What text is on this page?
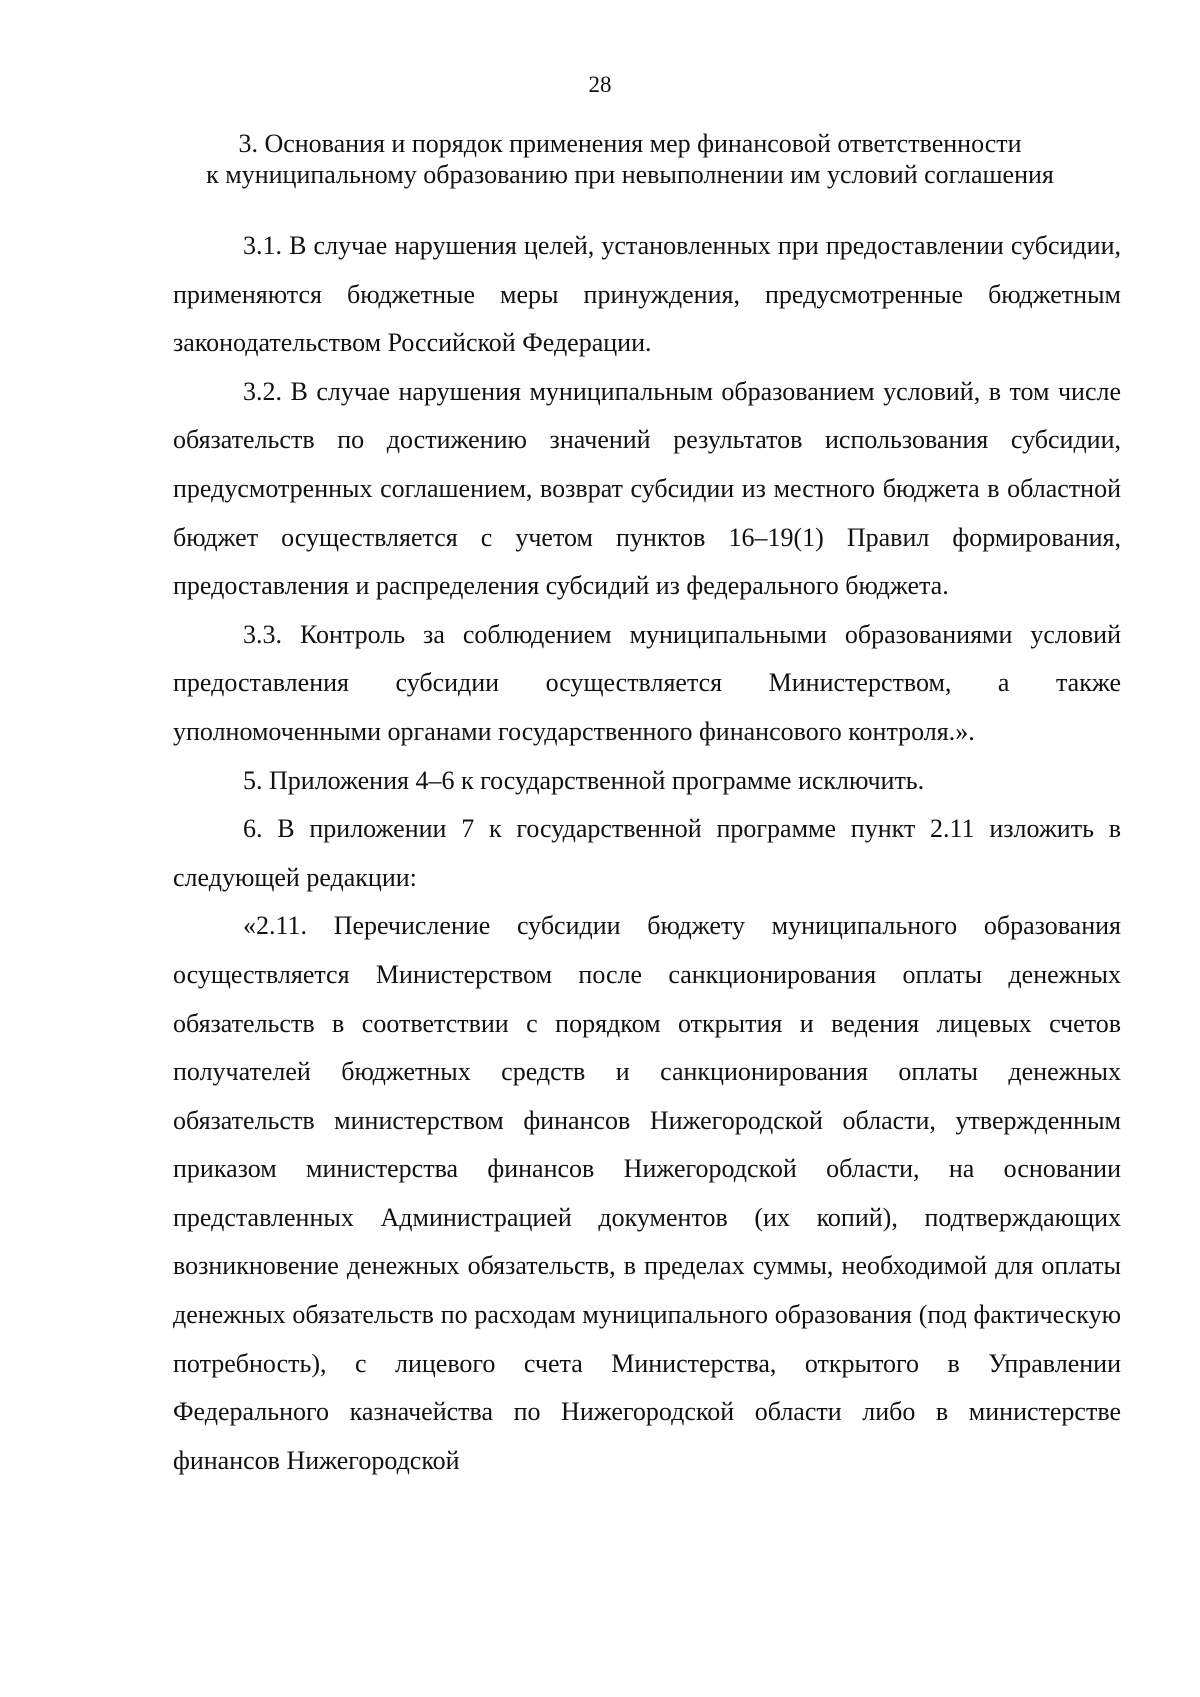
28
3. Основания и порядок применения мер финансовой ответственности
к муниципальному образованию при невыполнении им условий соглашения

3.1. В случае нарушения целей, установленных при предоставлении субсидии, применяются бюджетные меры принуждения, предусмотренные бюджетным законодательством Российской Федерации.

3.2. В случае нарушения муниципальным образованием условий, в том числе обязательств по достижению значений результатов использования субсидии, предусмотренных соглашением, возврат субсидии из местного бюджета в областной бюджет осуществляется с учетом пунктов 16–19(1) Правил формирования, предоставления и распределения субсидий из федерального бюджета.

3.3. Контроль за соблюдением муниципальными образованиями условий предоставления субсидии осуществляется Министерством, а также уполномоченными органами государственного финансового контроля.».

5. Приложения 4–6 к государственной программе исключить.

6. В приложении 7 к государственной программе пункт 2.11 изложить в следующей редакции:

«2.11. Перечисление субсидии бюджету муниципального образования осуществляется Министерством после санкционирования оплаты денежных обязательств в соответствии с порядком открытия и ведения лицевых счетов получателей бюджетных средств и санкционирования оплаты денежных обязательств министерством финансов Нижегородской области, утвержденным приказом министерства финансов Нижегородской области, на основании представленных Администрацией документов (их копий), подтверждающих возникновение денежных обязательств, в пределах суммы, необходимой для оплаты денежных обязательств по расходам муниципального образования (под фактическую потребность), с лицевого счета Министерства, открытого в Управлении Федерального казначейства по Нижегородской области либо в министерстве финансов Нижегородской
